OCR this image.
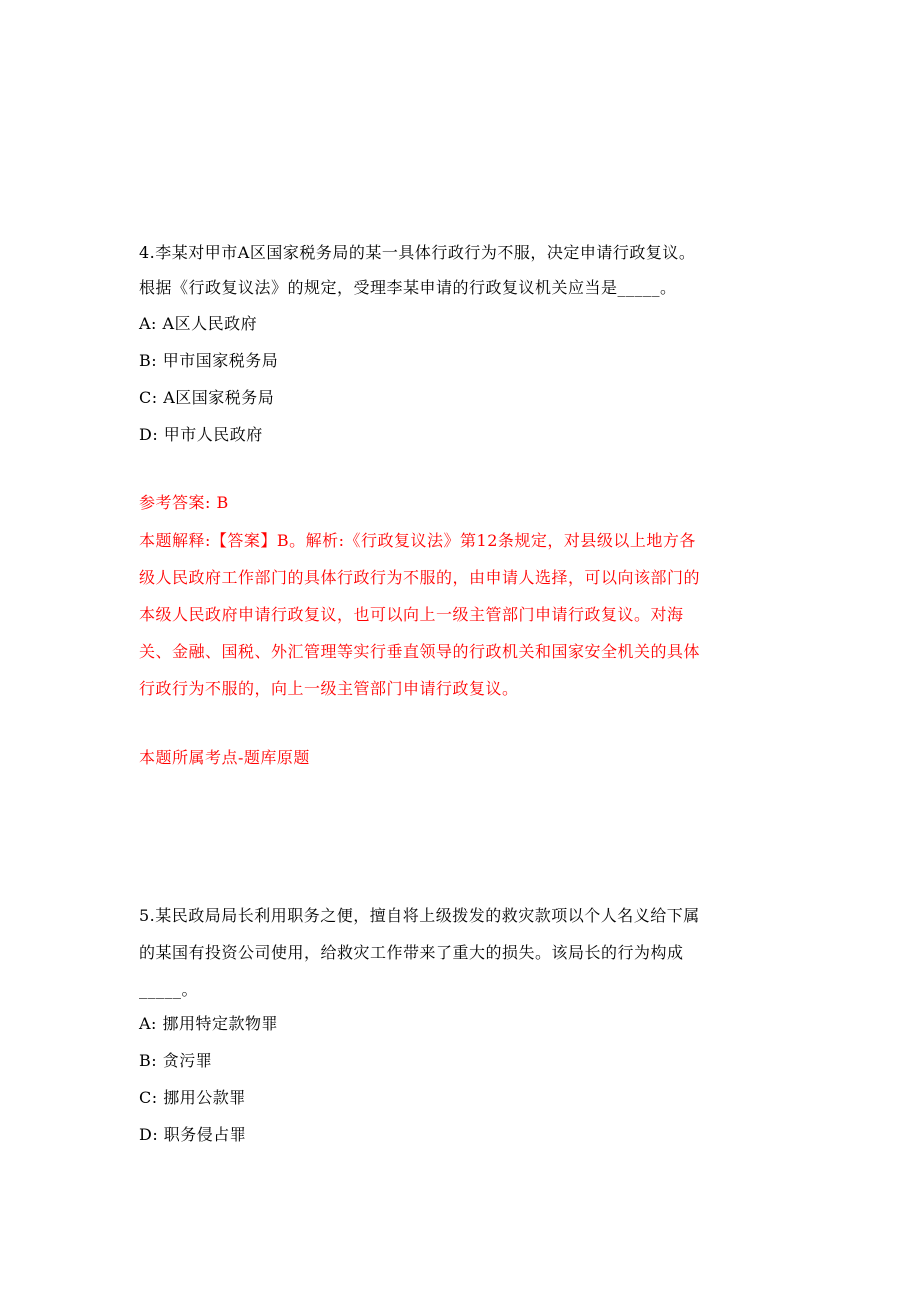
4.李某对甲市A区国家税务局的某一具体行政行为不服，决定申请行政复议。
根据《行政复议法》的规定，受理李某申请的行政复议机关应当是_____。
A: A区人民政府
B: 甲市国家税务局
C: A区国家税务局
D: 甲市人民政府
参考答案: B
本题解释:【答案】B。解析:《行政复议法》第12条规定，对县级以上地方各
级人民政府工作部门的具体行政行为不服的，由申请人选择，可以向该部门的
本级人民政府申请行政复议，也可以向上一级主管部门申请行政复议。对海
关、金融、国税、外汇管理等实行垂直领导的行政机关和国家安全机关的具体
行政行为不服的，向上一级主管部门申请行政复议。
本题所属考点-题库原题
5.某民政局局长利用职务之便，擅自将上级拨发的救灾款项以个人名义给下属
的某国有投资公司使用，给救灾工作带来了重大的损失。该局长的行为构成
_____。
A: 挪用特定款物罪
B: 贪污罪
C: 挪用公款罪
D: 职务侵占罪
